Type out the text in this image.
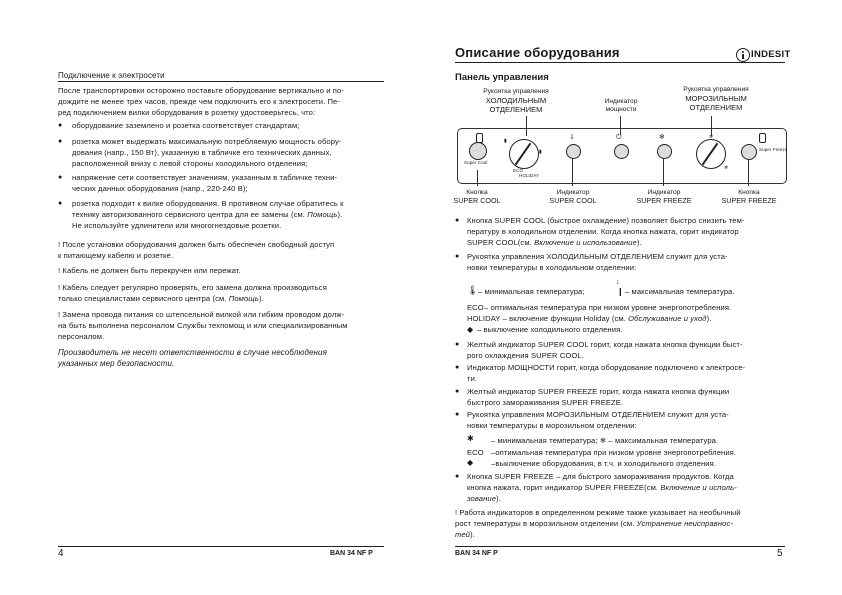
Подключение к электросети
После транспортировки осторожно поставьте оборудование вертикально и по-
дождите не менее трех часов, прежде чем подключить его к электросети. Пе-
ред подключением вилки оборудования в розетку удостоверьтесь, что:
● оборудование заземлено и розетка соответствует стандартам;
● розетка может выдержать максимальную потребляемую мощность обору-
дования (напр., 150 Вт), указанную в табличке его технических данных,
расположенной внизу с левой стороны холодильного отделения;
● напряжение сети соответствует значениям, указанным в табличке техни-
ческих данных оборудования (напр., 220-240 В);
● розетка подходит к вилке оборудования. В противном случае обратитесь к
техникy авторизованного сервисного центра для ее замены (см. Помощь).
Не используйте удлинители или многогнездовые розетки.
! После установки оборудования должен быть обеспечен свободный доступ
к питающему кабелю и розетке.
! Кабель не должен быть перекручен или пережат.
! Кабель следует регулярно проверять, его замена должна производиться
только специалистами сервисного центра (см. Помощь).
! Замена провода питания со штепсельной вилкой или гибким проводом долж-
на быть выполнена персоналом Службы техпомощ и или специализированным
персоналом.
Производитель не несет ответственности в случае несоблюдения
указанных мер безопасности.
4	BAN 34 NF P
Описание оборудования	INDESIT
Панель управления
Рукоятка управления
ХОЛОДИЛЬНЫМ
ОТДЕЛЕНИЕМ
Индикатор
мощности
Рукоятка управления
МОРОЗИЛЬНЫМ
ОТДЕЛЕНИЕМ
Super Cool
▮
▮
ECO
HOLIDAY
⇂	⏻	❄	❄
❄
Super Freeze
Кнопка
SUPER COOL
Индикатор
SUPER COOL
Индикатор
SUPER FREEZE
Кнопка
SUPER FREEZE
● Кнопка SUPER COOL (быстрое охлаждение) позволяет быстро снизить тем-
пературу в холодильном отделении. Когда кнопка нажата, горит индикатор
SUPER COOL(см. Включение и использование).
● Рукоятка управления ХОЛОДИЛЬНЫМ ОТДЕЛЕНИЕМ служит для уста-
новки температуры в холодильном отделении:
🌡 – минимальная температура;
↓
❙ – максимальная температура.
ECO – оптимальная температура при низком уровне энергопотребления.
HOLIDAY – включение функции Holiday (см. Обслуживание и уход).
◆ – выключение холодильного отделения.
● Желтый индикатор SUPER COOL горит, когда нажата кнопка функции быст-
рого охлаждения SUPER COOL.
● Индикатор МОЩНОСТИ горит, когда оборудование подключено к электросе-
ти.
● Желтый индикатор SUPER FREEZE горит, когда нажата кнопка функции
быстрого замораживания SUPER FREEZE.
● Рукоятка управления МОРОЗИЛЬНЫМ ОТДЕЛЕНИЕМ служит для уста-
новки температуры в морозильном отделении:
✱ – минимальная температура; ❄ – максимальная температура.
ECO –оптимальная температура при низком уровне энергопотребления.
◆ –выключение оборудования, в т.ч. и холодильного отделения.
● Кнопка SUPER FREEZE – для быстрого замораживания продуктов. Когда
кнопка нажата, горит индикатор SUPER FREEZE(см. Включение и исполь-
зование).
! Работа индикаторов в определенном режиме также указывает на необычный
рост температуры в морозильном отделении (см. Устранение неисправнос-
тей).
BAN 34 NF P	5
